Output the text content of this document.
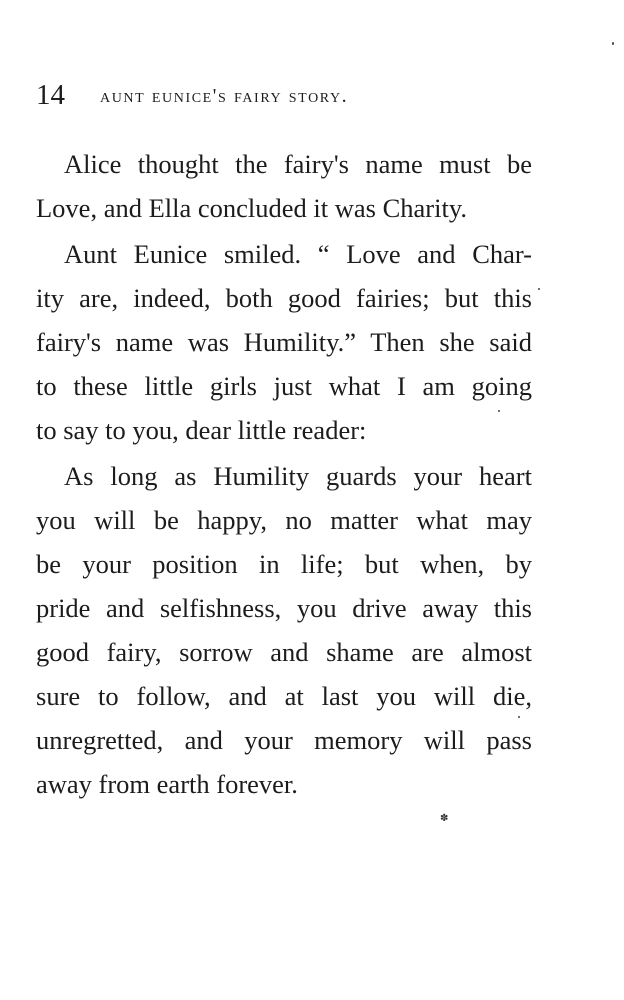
14 aunt eunice's fairy story.
Alice thought the fairy's name must be
Love, and Ella concluded it was Charity.
Aunt Eunice smiled. “ Love and Char-
ity are, indeed, both good fairies; but this
fairy's name was Humility.” Then she said
to these little girls just what I am going
to say to you, dear little reader:
As long as Humility guards your heart
you will be happy, no matter what may
be your position in life; but when, by
pride and selfishness, you drive away this
good fairy, sorrow and shame are almost
sure to follow, and at last you will die,
unregretted, and your memory will pass
away from earth forever.
✽
